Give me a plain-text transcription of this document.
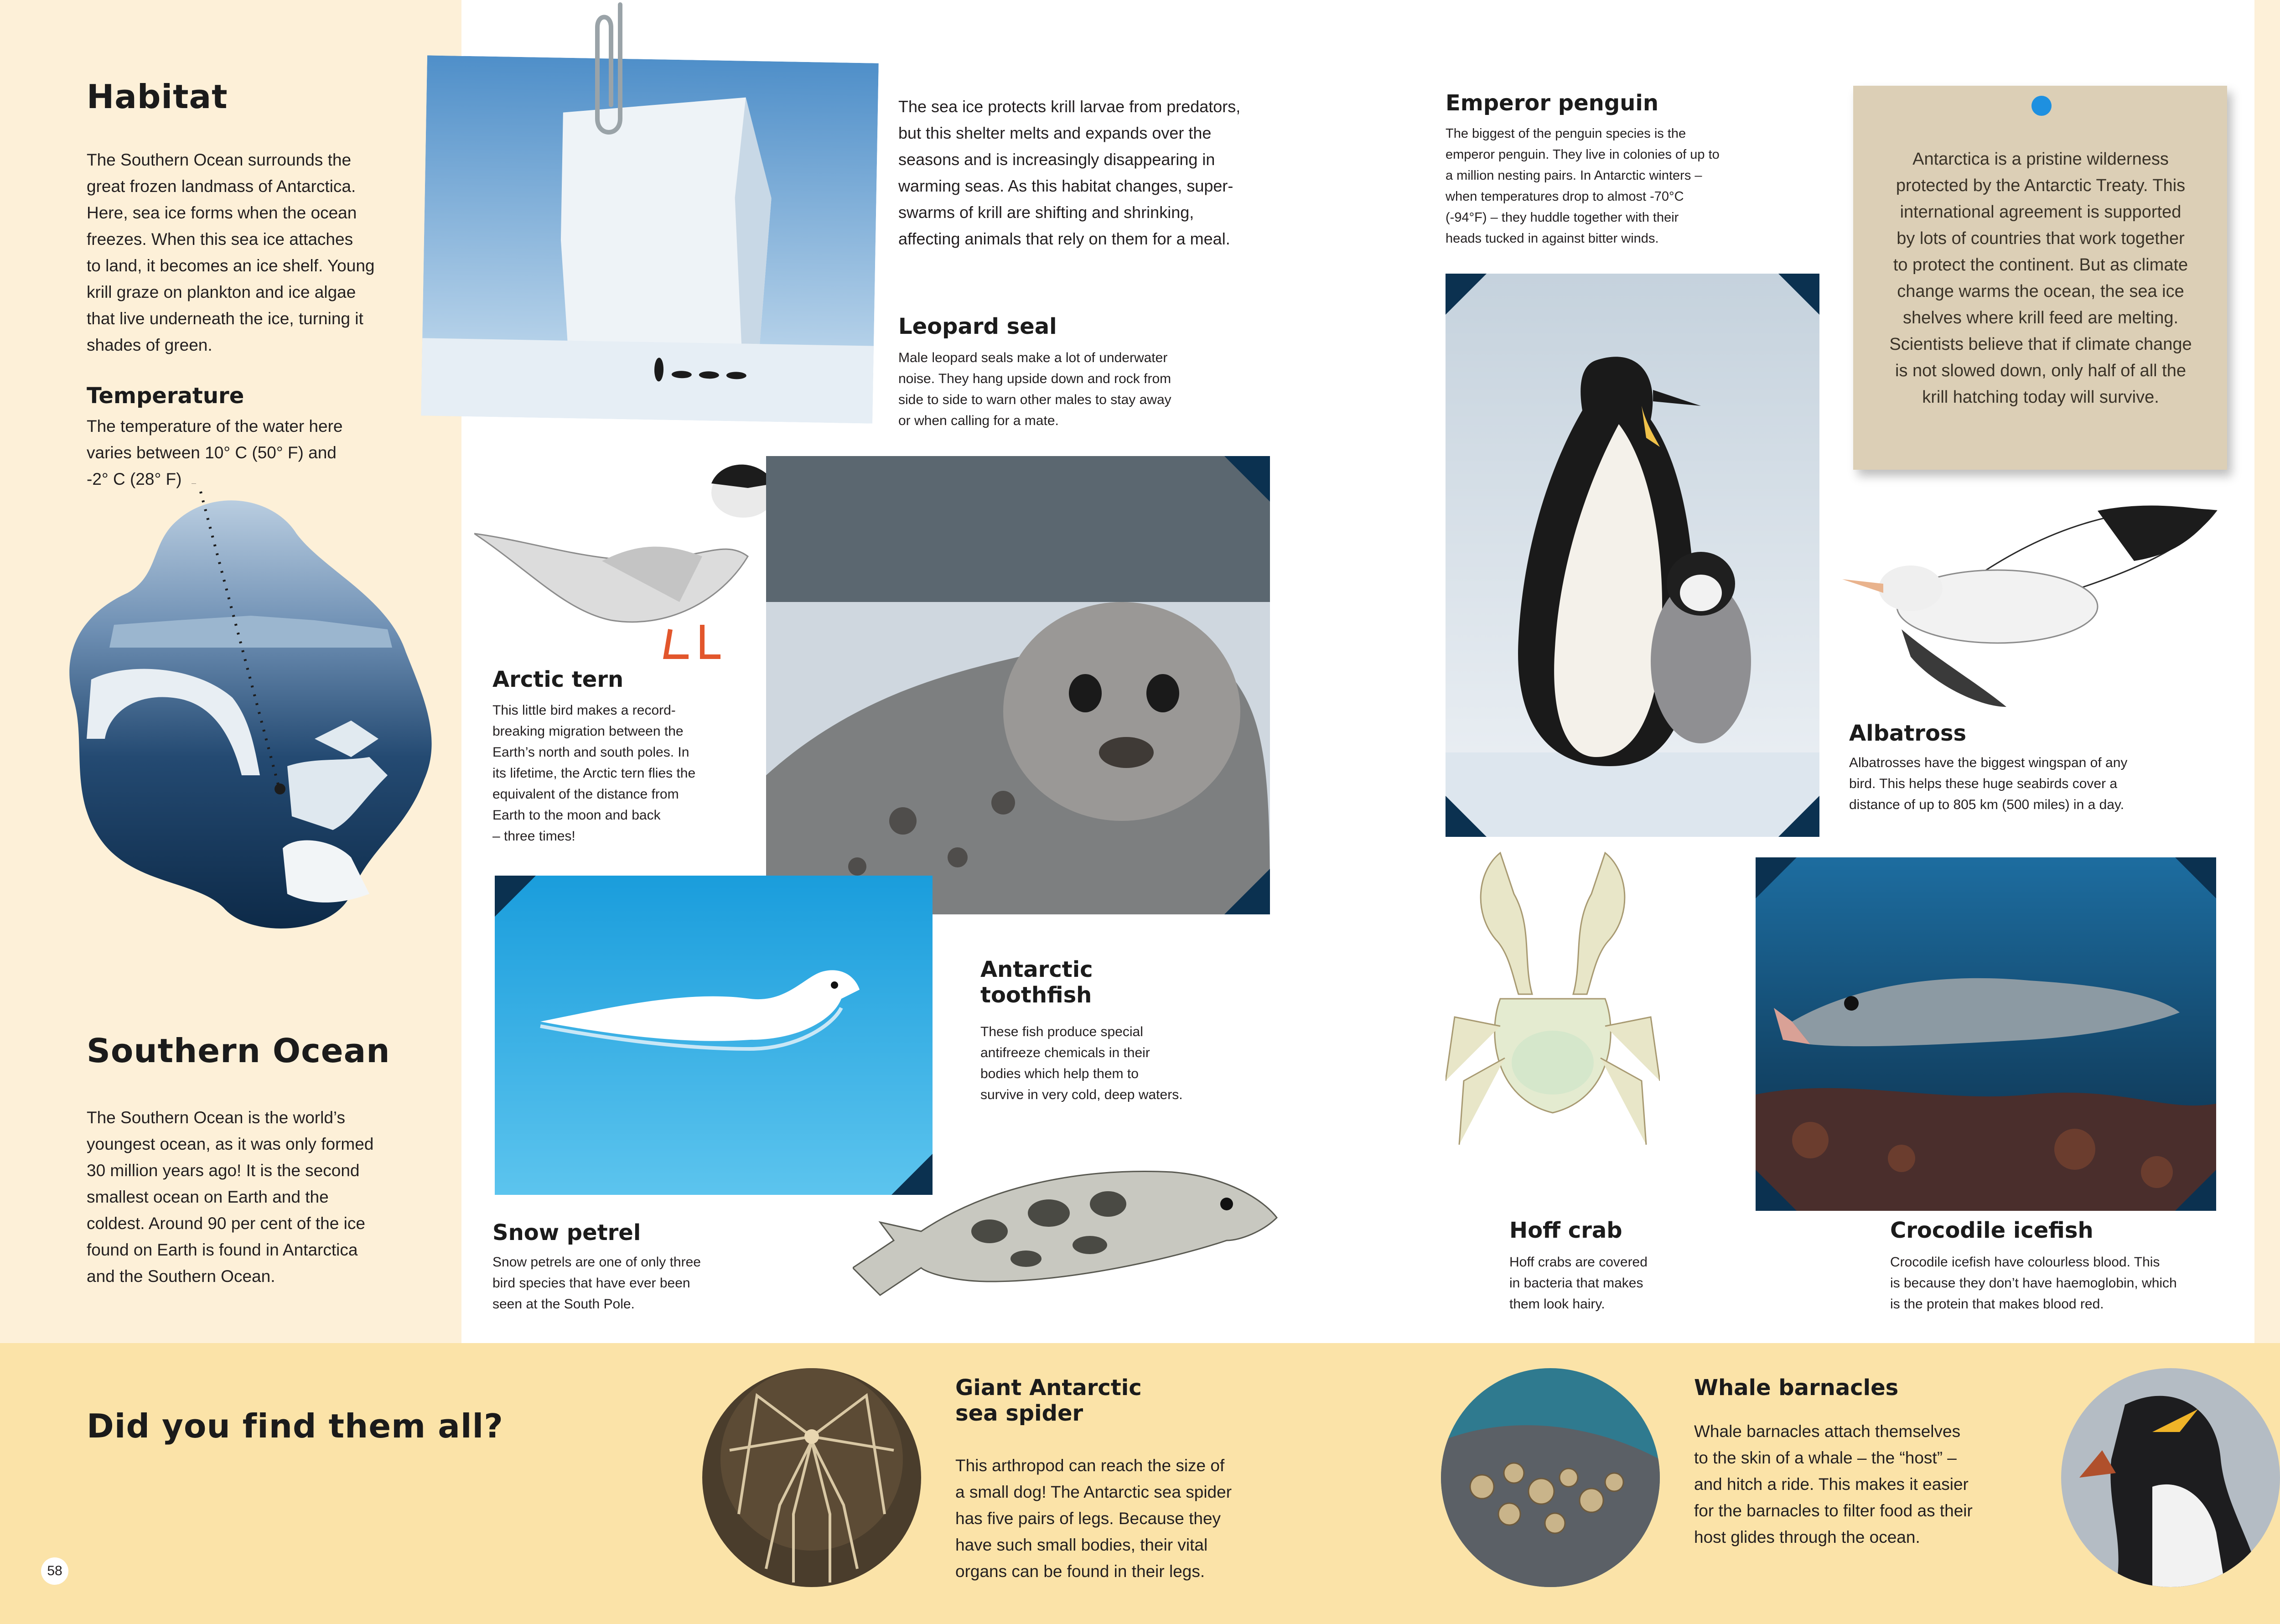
Habitat
The Southern Ocean surrounds the
great frozen landmass of Antarctica.
Here, sea ice forms when the ocean
freezes. When this sea ice attaches
to land, it becomes an ice shelf. Young
krill graze on plankton and ice algae
that live underneath the ice, turning it
shades of green.
Temperature
The temperature of the water here
varies between 10° C (50° F) and
-2° C (28° F)
Southern Ocean
The Southern Ocean is the world’s
youngest ocean, as it was only formed
30 million years ago! It is the second
smallest ocean on Earth and the
coldest. Around 90 per cent of the ice
found on Earth is found in Antarctica
and the Southern Ocean.
The sea ice protects krill larvae from predators,
but this shelter melts and expands over the
seasons and is increasingly disappearing in
warming seas. As this habitat changes, super-
swarms of krill are shifting and shrinking,
affecting animals that rely on them for a meal.
Leopard seal
Male leopard seals make a lot of underwater
noise. They hang upside down and rock from
side to side to warn other males to stay away
or when calling for a mate.
Arctic tern
This little bird makes a record-
breaking migration between the
Earth’s north and south poles. In
its lifetime, the Arctic tern flies the
equivalent of the distance from
Earth to the moon and back
– three times!
Antarctic
toothfish
These fish produce special
antifreeze chemicals in their
bodies which help them to
survive in very cold, deep waters.
Snow petrel
Snow petrels are one of only three
bird species that have ever been
seen at the South Pole.
Emperor penguin
The biggest of the penguin species is the
emperor penguin. They live in colonies of up to
a million nesting pairs. In Antarctic winters –
when temperatures drop to almost -70°C
(-94°F) – they huddle together with their
heads tucked in against bitter winds.
Antarctica is a pristine wilderness
protected by the Antarctic Treaty. This
international agreement is supported
by lots of countries that work together
to protect the continent. But as climate
change warms the ocean, the sea ice
shelves where krill feed are melting.
Scientists believe that if climate change
is not slowed down, only half of all the
krill hatching today will survive.
Albatross
Albatrosses have the biggest wingspan of any
bird. This helps these huge seabirds cover a
distance of up to 805 km (500 miles) in a day.
Hoff crab
Hoff crabs are covered
in bacteria that makes
them look hairy.
Crocodile icefish
Crocodile icefish have colourless blood. This
is because they don’t have haemoglobin, which
is the protein that makes blood red.
Did you find them all?
Giant Antarctic
sea spider
This arthropod can reach the size of
a small dog! The Antarctic sea spider
has five pairs of legs. Because they
have such small bodies, their vital
organs can be found in their legs.
Whale barnacles
Whale barnacles attach themselves
to the skin of a whale – the “host” –
and hitch a ride. This makes it easier
for the barnacles to filter food as their
host glides through the ocean.
58
